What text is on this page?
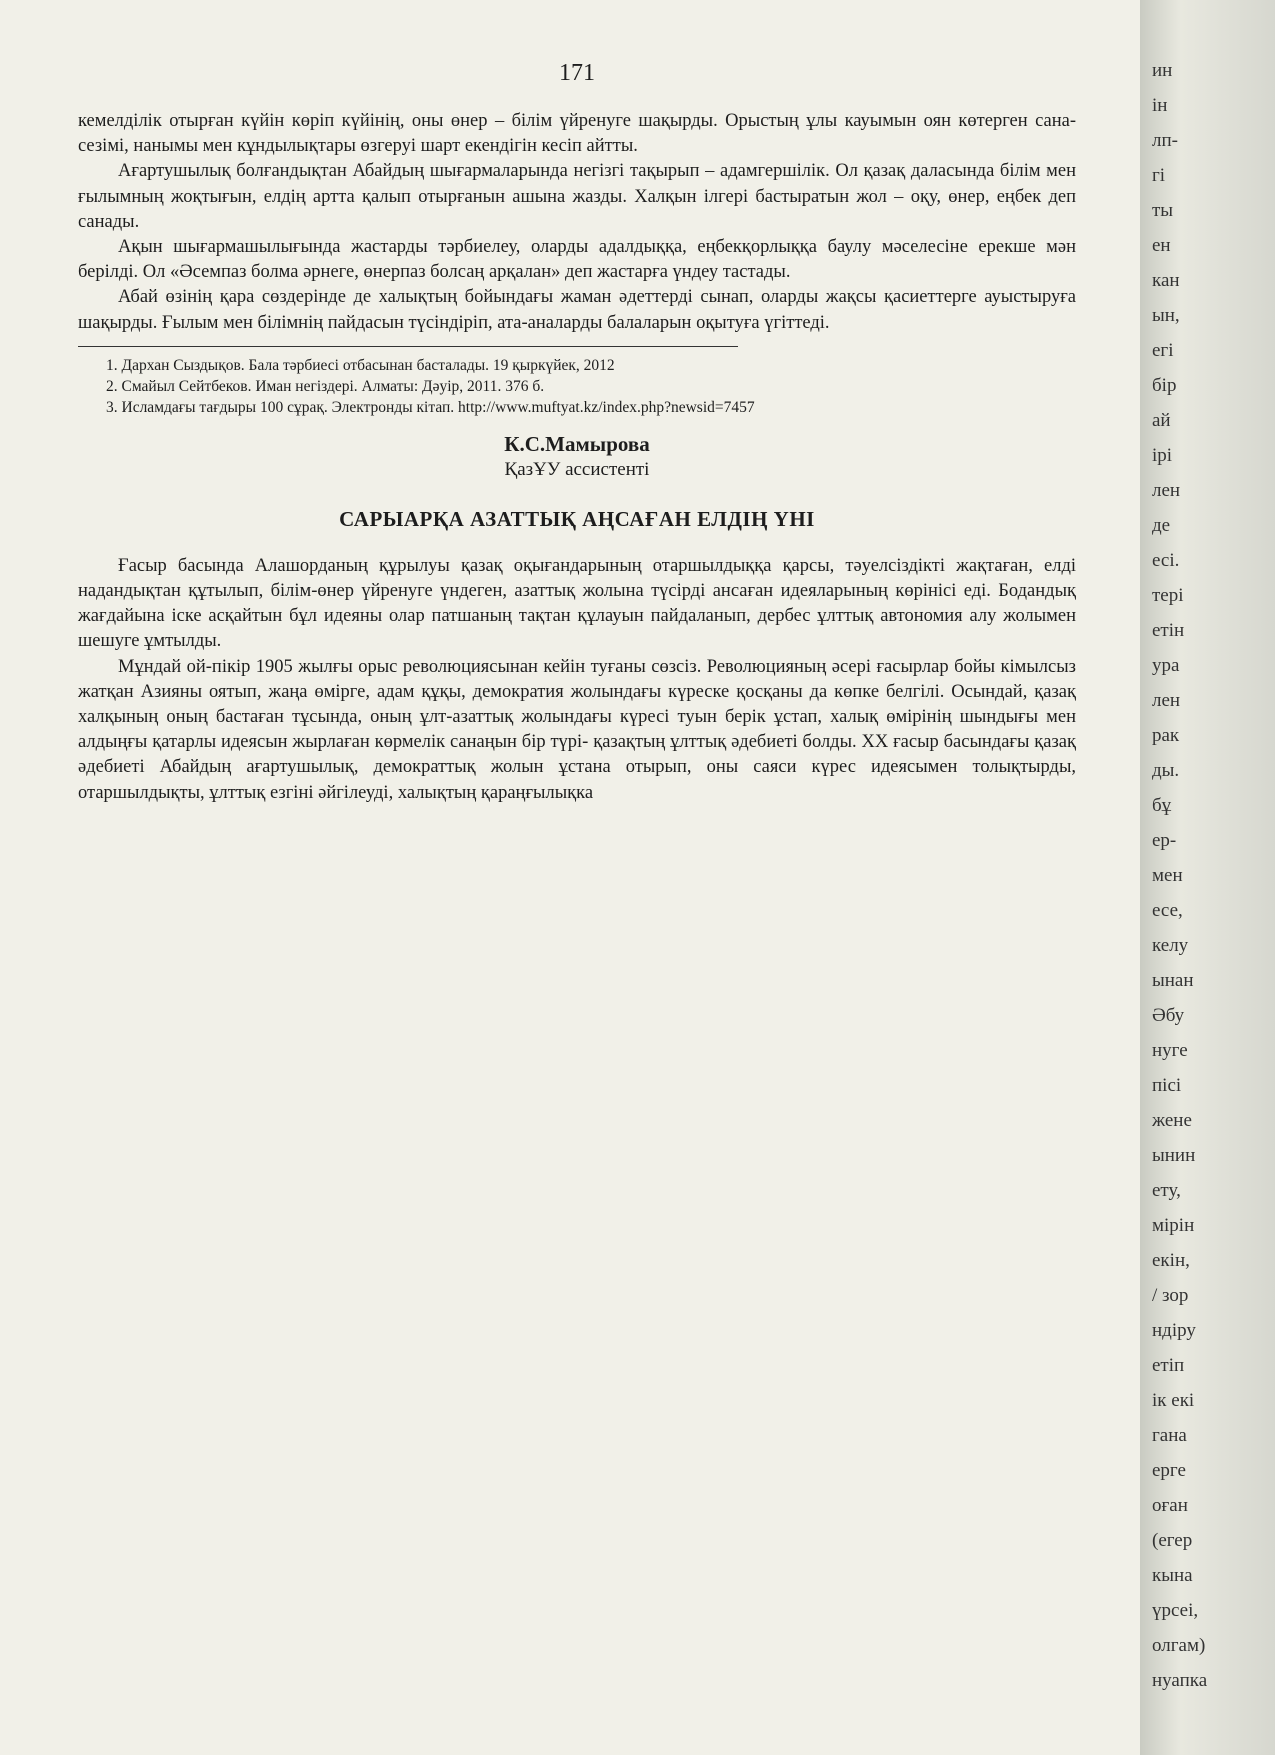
ин
ін
лп-
гі
ты
ен
кан
ын,
егі
бір
ай
ірі
лен
де
есі.
тері
етін
ура
лен
рак
ды.
бұ
ер-
мен
есе,
келу
ынан
Әбу
нуге
пісі
жене
ынин
ету,
мірін
екін,
/ зор
ндіру
етіп
ік екі
гана
ерге
оған
(егер
кына
үрсеі,
олгам)
нуапка
171

кемелділік отырған күйін көріп күйінің, оны өнер – білім үйренуге шақырды. Орыстың ұлы кауымын оян көтерген сана-сезімі, нанымы мен кұндылықтары өзгеруі шарт екендігін кесіп айтты.

Ағартушылық болғандықтан Абайдың шығармаларында негізгі тақырып – адамгершілік. Ол қазақ даласында білім мен ғылымның жоқтығын, елдің артта қалып отырғанын ашына жазды. Халқын ілгері бастыратын жол – оқу, өнер, еңбек деп санады.

Ақын шығармашылығында жастарды тәрбиелеу, оларды адалдыққа, еңбекқорлыққа баулу мәселесіне ерекше мән берілді. Ол «Әсемпаз болма әрнеге, өнерпаз болсаң арқалан» деп жастарға үндеу тастады.

Абай өзінің қара сөздерінде де халықтың бойындағы жаман әдеттерді сынап, оларды жақсы қасиеттерге ауыстыруға шақырды. Ғылым мен білімнің пайдасын түсіндіріп, ата-аналарды балаларын оқытуға үгіттеді.

1. Дархан Сыздықов. Бала тәрбиесі отбасынан басталады. 19 қыркүйек, 2012
2. Смайыл Сейтбеков. Иман негіздері. Алматы: Дәуір, 2011. 376 б.
3. Исламдағы тағдыры 100 сұрақ. Электронды кітап. http://www.muftyat.kz/index.php?newsid=7457
К.С.Мамырова
ҚазҰУ ассистенті
САРЫАРҚА АЗАТТЫҚ АҢСАҒАН ЕЛДІҢ ҮНІ

Ғасыр басында Алашорданың құрылуы қазақ оқығандарының отаршылдыққа қарсы, тәуелсіздікті жақтаған, елді надандықтан құтылып, білім-өнер үйренуге үндеген, азаттық жолына түсірді ансаған идеяларының көрінісі еді. Бодандық жағдайына іске асқайтын бұл идеяны олар патшаның тақтан құлауын пайдаланып, дербес ұлттық автономия алу жолымен шешуге ұмтылды.

Мұндай ой-пікір 1905 жылғы орыс революциясынан кейін туғаны сөзсіз. Революцияның әсері ғасырлар бойы кімылсыз жатқан Азияны оятып, жаңа өмірге, адам құқы, демократия жолындағы күреске қосқаны да көпке белгілі. Осындай, қазақ халқының оның бастаған тұсында, оның ұлт-азаттық жолындағы күресі туын берік ұстап, халық өмірінің шындығы мен алдыңғы қатарлы идеясын жырлаған көрмелік санаңын бір түрі- қазақтың ұлттық әдебиеті болды. XX ғасыр басындағы қазақ әдебиеті Абайдың ағартушылық, демократтық жолын ұстана отырып, оны саяси күрес идеясымен толықтырды, отаршылдықты, ұлттық езгіні әйгілеуді, халықтың қараңғылықка
